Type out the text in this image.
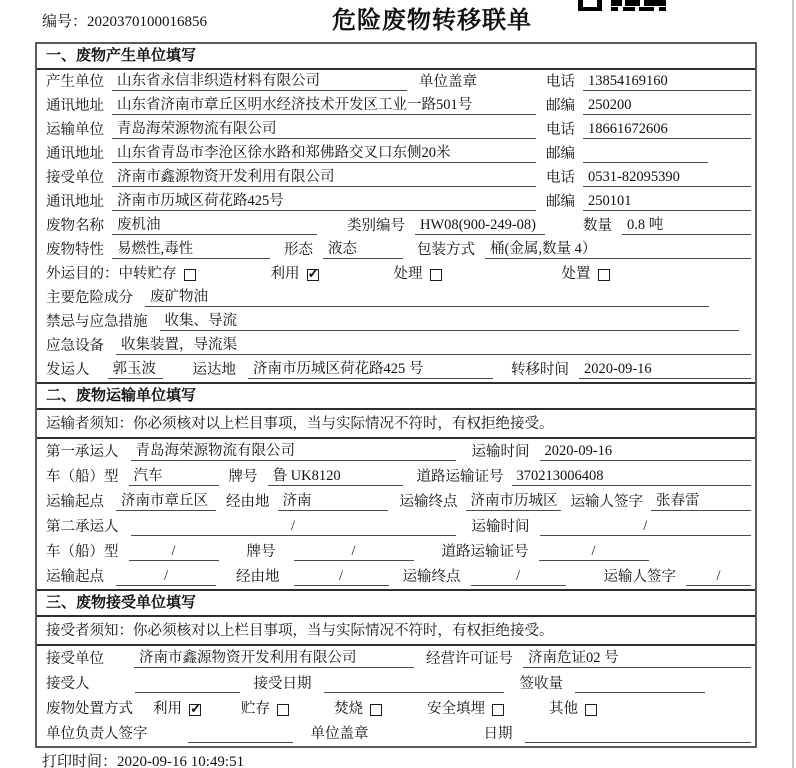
编号：2020370100016856	危险废物转移联单
一、废物产生单位填写
产生单位 山东省永信非织造材料有限公司	单位盖章	电话 13854169160
通讯地址 山东省济南市章丘区明水经济技术开发区工业一路501号	邮编 250200
运输单位 青岛海荣源物流有限公司	电话 18661672606
通讯地址 山东省青岛市李沧区徐水路和郑佛路交叉口东侧20米	邮编
接受单位 济南市鑫源物资开发利用有限公司	电话 0531-82095390
通讯地址 济南市历城区荷花路425号	邮编 250101
废物名称 废机油	类别编号	HW08(900-249-08)	数量	0.8 吨
废物特性 易燃性,毒性	形态	液态	包装方式	桶(金属,数量 4）
外运目的： 中转贮存	利用 ✓	处理	处置
主要危险成分	废矿物油
禁忌与应急措施	收集、导流
应急设备	收集装置，导流渠
发运人	郭玉波	运达地	济南市历城区荷花路425 号	转移时间	2020-09-16
二、废物运输单位填写
运输者须知：你必须核对以上栏目事项，当与实际情况不符时，有权拒绝接受。
第一承运人	青岛海荣源物流有限公司	运输时间	2020-09-16
车（船）型	汽车	牌号	鲁 UK8120	道路运输证号 370213006408
运输起点	济南市章丘区	经由地 济南	运输终点 济南市历城区 运输人签字 张春雷
第二承运人	/	运输时间	/
车（船）型	/	牌号	/	道路运输证号	/
运输起点	/	经由地	/	运输终点	/	运输人签字	/
三、废物接受单位填写
接受者须知：你必须核对以上栏目事项，当与实际情况不符时，有权拒绝接受。
接受单位	济南市鑫源物资开发利用有限公司	经营许可证号	济南危证02 号
接受人	接受日期	签收量
废物处置方式 利用 ✓	贮存	焚烧	安全填埋	其他
单位负责人签字	单位盖章	日期
打印时间：2020-09-16 10:49:51
